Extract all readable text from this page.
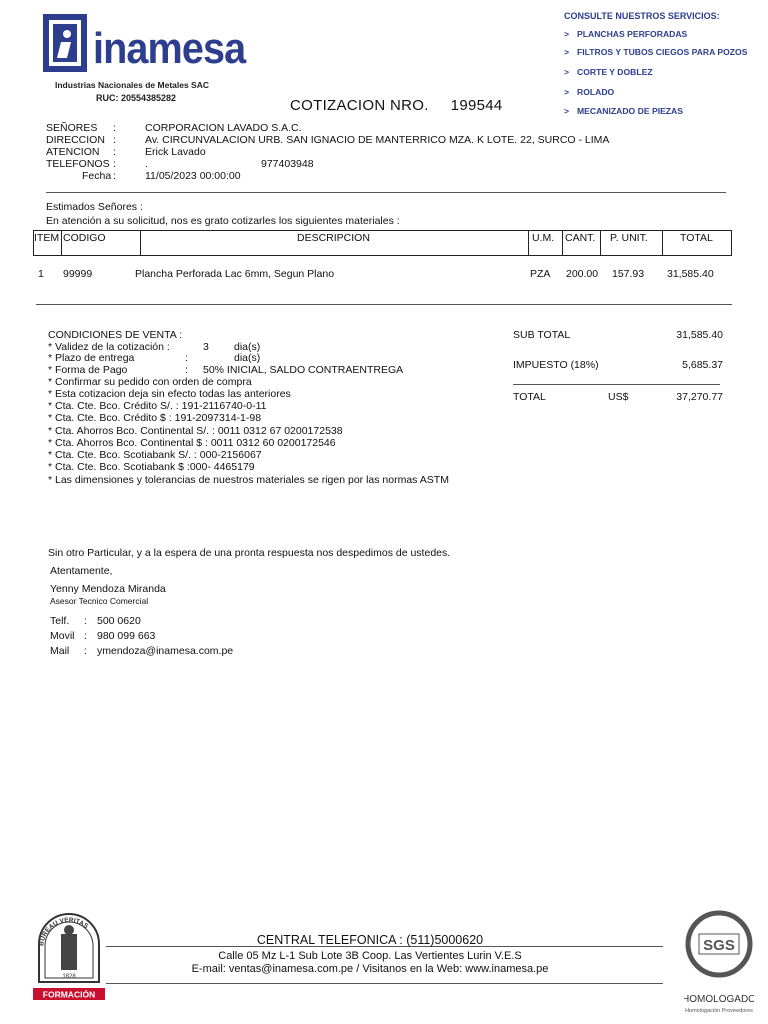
inamesa
Industrias Nacionales de Metales SAC
RUC: 20554385282
CONSULTE NUESTROS SERVICIOS:
> PLANCHAS PERFORADAS
> FILTROS Y TUBOS CIEGOS PARA POZOS
> CORTE Y DOBLEZ
> ROLADO
> MECANIZADO DE PIEZAS
COTIZACION NRO. 199544
SEÑORES :	CORPORACION LAVADO S.A.C.
DIRECCION :	Av. CIRCUNVALACION URB. SAN IGNACIO DE MANTERRICO MZA. K LOTE. 22, SURCO - LIMA
ATENCION :	Erick Lavado
TELEFONOS :	.	977403948
Fecha :	11/05/2023 00:00:00
Estimados Señores :
En atención a su solicitud, nos es grato cotizarles los siguientes materiales :
ITEM CODIGO	DESCRIPCION	U.M. CANT. P. UNIT.	TOTAL
1 99999	Plancha Perforada Lac 6mm, Segun Plano	PZA 200.00 157.93 31,585.40
CONDICIONES DE VENTA :
* Validez de la cotización :	3 dia(s)
* Plazo de entrega	:	dia(s)
* Forma de Pago	: 50% INICIAL, SALDO CONTRAENTREGA
* Confirmar su pedido con orden de compra
* Esta cotizacion deja sin efecto todas las anteriores
* Cta. Cte. Bco. Crédito S/. : 191-2116740-0-11
* Cta. Cte. Bco. Crédito $ : 191-2097314-1-98
* Cta. Ahorros Bco. Continental S/. : 0011 0312 67 0200172538
* Cta. Ahorros Bco. Continental $ : 0011 0312 60 0200172546
* Cta. Cte. Bco. Scotiabank S/. : 000-2156067
* Cta. Cte. Bco. Scotiabank $ :000- 4465179
* Las dimensiones y tolerancias de nuestros materiales se rigen por las normas ASTM
SUB TOTAL	31,585.40
IMPUESTO (18%)	5,685.37
TOTAL	US$	37,270.77
Sin otro Particular, y a la espera de una pronta respuesta nos despedimos de ustedes.
Atentamente,
Yenny Mendoza Miranda
Asesor Tecnico Comercial
Telf. : 500 0620
Movil : 980 099 663
Mail : ymendoza@inamesa.com.pe
CENTRAL TELEFONICA : (511)5000620
Calle 05 Mz L-1 Sub Lote 3B Coop. Las Vertientes Lurin V.E.S
E-mail: ventas@inamesa.com.pe / Visitanos en la Web: www.inamesa.pe
BUREAU VERITAS
1828
FORMACIÓN
SGS
HOMOLOGADO
Homologación Proveedores
